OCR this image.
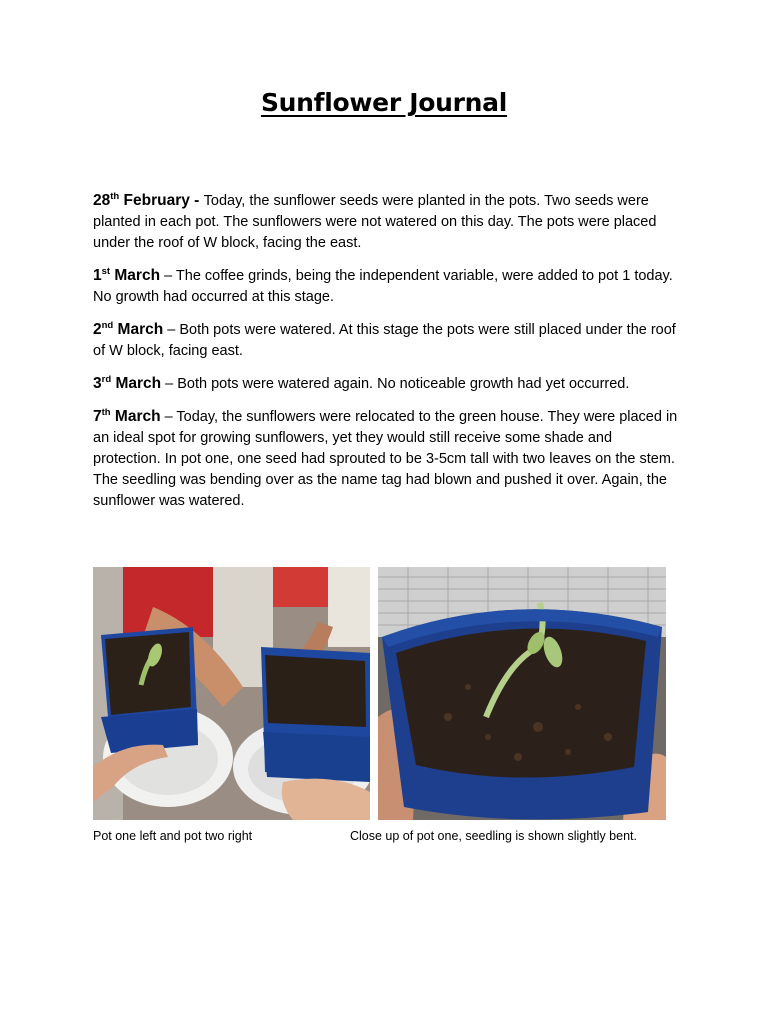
Sunflower Journal

28th February - Today, the sunflower seeds were planted in the pots. Two seeds were planted in each pot. The sunflowers were not watered on this day. The pots were placed under the roof of W block, facing the east.

1st March – The coffee grinds, being the independent variable, were added to pot 1 today. No growth had occurred at this stage.

2nd March – Both pots were watered. At this stage the pots were still placed under the roof of W block, facing east.

3rd March – Both pots were watered again. No noticeable growth had yet occurred.

7th March – Today, the sunflowers were relocated to the green house. They were placed in an ideal spot for growing sunflowers, yet they would still receive some shade and protection. In pot one, one seed had sprouted to be 3-5cm tall with two leaves on the stem. The seedling was bending over as the name tag had blown and pushed it over. Again, the sunflower was watered.

Pot one left and pot two right	Close up of pot one, seedling is shown slightly bent.
